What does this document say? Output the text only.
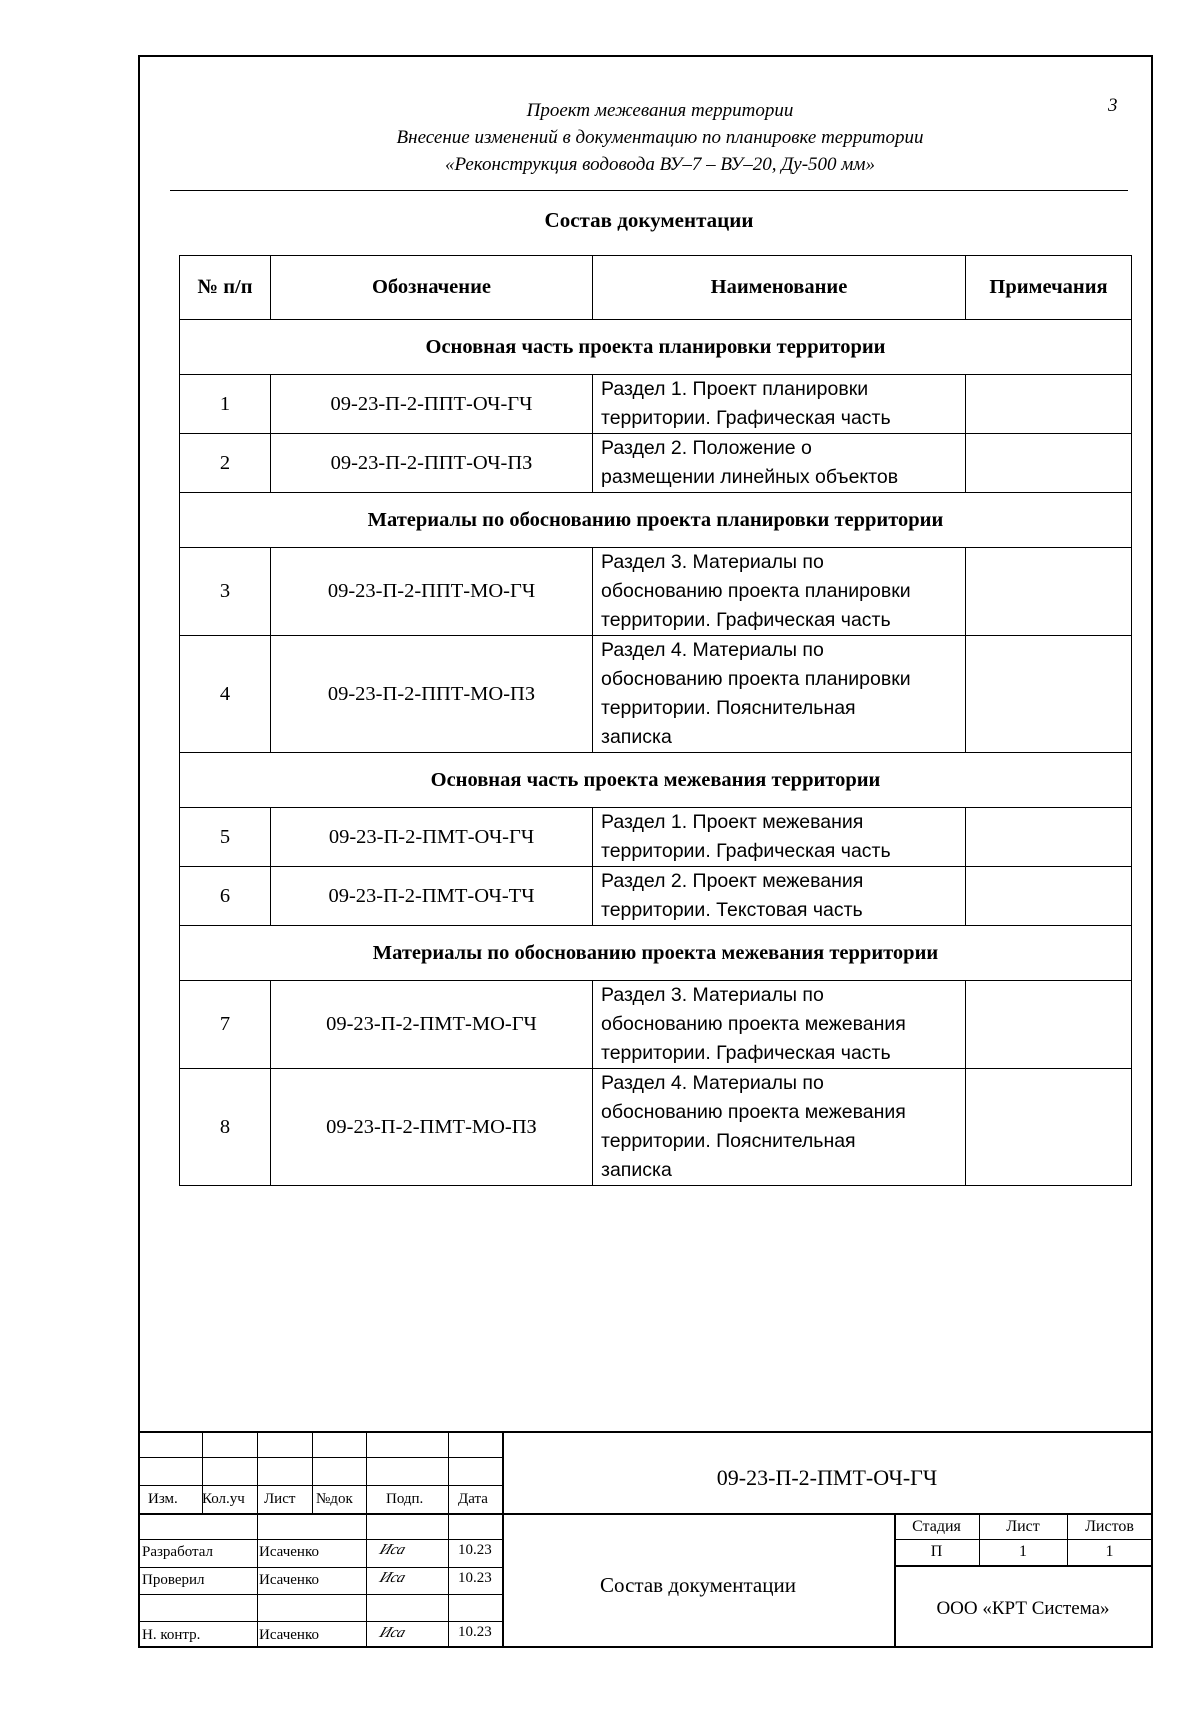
Проект межевания территории
Внесение изменений в документацию по планировке территории
«Реконструкция водовода ВУ–7 – ВУ–20, Ду-500 мм»
3
Состав документации
№ п/п	Обозначение	Наименование	Примечания
Основная часть проекта планировки территории			
1	09-23-П-2-ППТ-ОЧ-ГЧ	Раздел 1. Проект планировки
территории. Графическая часть	

2	09-23-П-2-ППТ-ОЧ-ПЗ	Раздел 2. Положение о
размещении линейных объектов	

Материалы по обоснованию проекта планировки территории			
3	09-23-П-2-ППТ-МО-ГЧ	Раздел 3. Материалы по
обоснованию проекта планировки
территории. Графическая часть	

4	09-23-П-2-ППТ-МО-ПЗ	Раздел 4. Материалы по
обоснованию проекта планировки
территории. Пояснительная
записка	

Основная часть проекта межевания территории			
5	09-23-П-2-ПМТ-ОЧ-ГЧ	Раздел 1. Проект межевания
территории. Графическая часть	

6	09-23-П-2-ПМТ-ОЧ-ТЧ	Раздел 2. Проект межевания
территории. Текстовая часть	

Материалы по обоснованию проекта межевания территории			
7	09-23-П-2-ПМТ-МО-ГЧ	Раздел 3. Материалы по
обоснованию проекта межевания
территории. Графическая часть	

8	09-23-П-2-ПМТ-МО-ПЗ	Раздел 4. Материалы по
обоснованию проекта межевания
территории. Пояснительная
записка	

Изм. Кол.уч Лист №док Подп. Дата
Разработал	Исаченко	Иса	10.23
Проверил	Исаченко	Иса	10.23
Н. контр.	Исаченко	Иса	10.23
09-23-П-2-ПМТ-ОЧ-ГЧ
Состав документации
Стадия	Лист	Листов
П	1	1
ООО «КРТ Система»
